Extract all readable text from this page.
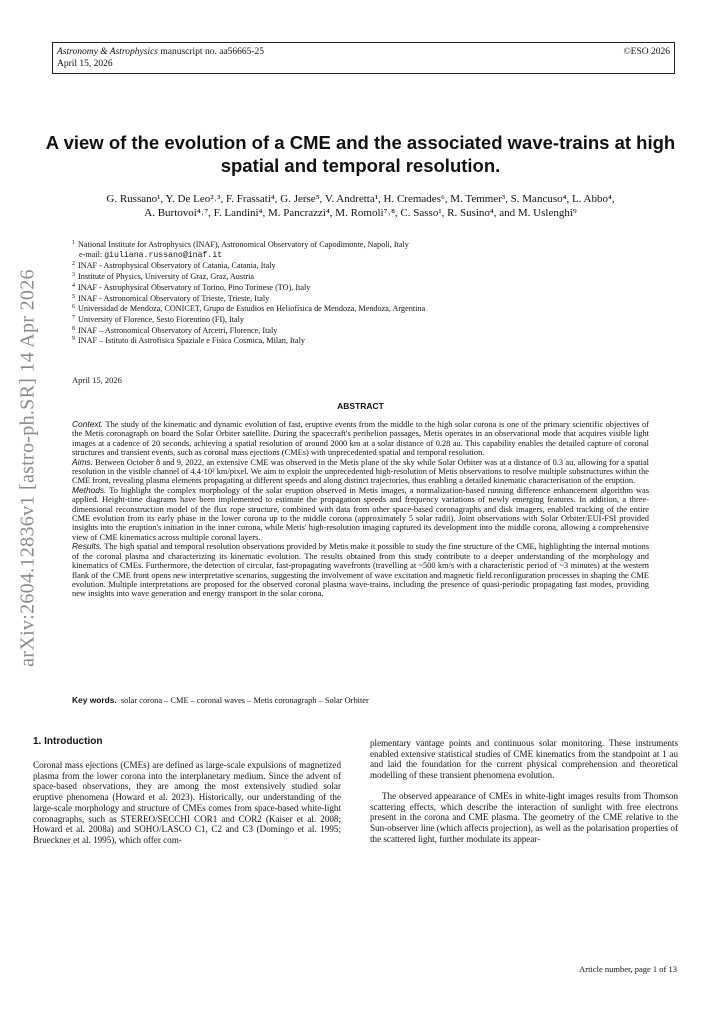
Astronomy & Astrophysics manuscript no. aa56665-25
April 15, 2026
©ESO 2026
arXiv:2604.12836v1 [astro-ph.SR] 14 Apr 2026
A view of the evolution of a CME and the associated wave-trains at high spatial and temporal resolution.
G. Russano¹, Y. De Leo²˒³, F. Frassati⁴, G. Jerse⁵, V. Andretta¹, H. Cremades⁶, M. Temmer³, S. Mancuso⁴, L. Abbo⁴,
A. Burtovoi⁴˒⁷, F. Landini⁴, M. Pancrazzi⁴, M. Romoli⁷˒⁸, C. Sasso¹, R. Susino⁴, and M. Uslenghi⁹
$^1$ National Institute for Astrophysics (INAF), Astronomical Observatory of Capodimonte, Napoli, Italy
e-mail: giuliana.russano@inaf.it
$^2$ INAF - Astrophysical Observatory of Catania, Catania, Italy
$^3$ Institute of Physics, University of Graz, Graz, Austria
$^4$ INAF - Astrophysical Observatory of Torino, Pino Torinese (TO), Italy
$^5$ INAF - Astronomical Observatory of Trieste, Trieste, Italy
$^6$ Universidad de Mendoza, CONICET, Grupo de Estudios en Heliofísica de Mendoza, Mendoza, Argentina
$^7$ University of Florence, Sesto Fiorentino (FI), Italy
$^8$ INAF – Astronomical Observatory of Arcetri, Florence, Italy
$^9$ INAF – Istituto di Astrofisica Spaziale e Fisica Cosmica, Milan, Italy
April 15, 2026
ABSTRACT

Context. The study of the kinematic and dynamic evolution of fast, eruptive events from the middle to the high solar corona is one of the primary scientific objectives of the Metis coronagraph on board the Solar Orbiter satellite. During the spacecraft's perihelion passages, Metis operates in an observational mode that acquires visible light images at a cadence of 20 seconds, achieving a spatial resolution of around 2000 km at a solar distance of 0.28 au. This capability enables the detailed capture of coronal structures and transient events, such as coronal mass ejections (CMEs) with unprecedented spatial and temporal resolution.

Aims. Between October 8 and 9, 2022, an extensive CME was observed in the Metis plane of the sky while Solar Orbiter was at a distance of 0.3 au, allowing for a spatial resolution in the visible channel of 4.4·10³ km/pixel. We aim to exploit the unprecedented high-resolution of Metis observations to resolve multiple substructures within the CME front, revealing plasma elements propagating at different speeds and along distinct trajectories, thus enabling a detailed kinematic characterisation of the eruption.

Methods. To highlight the complex morphology of the solar eruption observed in Metis images, a normalization-based running difference enhancement algorithm was applied. Height-time diagrams have been implemented to estimate the propagation speeds and frequency variations of newly emerging features. In addition, a three-dimensional reconstruction model of the flux rope structure, combined with data from other space-based coronagraphs and disk imagers, enabled tracking of the entire CME evolution from its early phase in the lower corona up to the middle corona (approximately 5 solar radii). Joint observations with Solar Orbiter/EUI-FSI provided insights into the eruption's initiation in the inner corona, while Metis' high-resolution imaging captured its development into the middle corona, allowing a comprehensive view of CME kinematics across multiple coronal layers.

Results. The high spatial and temporal resolution observations provided by Metis make it possible to study the fine structure of the CME, highlighting the internal motions of the coronal plasma and characterizing its kinematic evolution. The results obtained from this study contribute to a deeper understanding of the morphology and kinematics of CMEs. Furthermore, the detection of circular, fast-propagating wavefronts (travelling at ~500 km/s with a characteristic period of ~3 minutes) at the western flank of the CME front opens new interpretative scenarios, suggesting the involvement of wave excitation and magnetic field reconfiguration processes in shaping the CME evolution. Multiple interpretations are proposed for the observed coronal plasma wave-trains, including the presence of quasi-periodic propagating fast modes, providing new insights into wave generation and energy transport in the solar corona.

Key words. solar corona – CME – coronal waves – Metis coronagraph – Solar Orbiter
1. Introduction

Coronal mass ejections (CMEs) are defined as large-scale expulsions of magnetized plasma from the lower corona into the interplanetary medium. Since the advent of space-based observations, they are among the most extensively studied solar eruptive phenomena (Howard et al. 2023). Historically, our understanding of the large-scale morphology and structure of CMEs comes from space-based white-light coronagraphs, such as STEREO/SECCHI COR1 and COR2 (Kaiser et al. 2008; Howard et al. 2008a) and SOHO/LASCO C1, C2 and C3 (Domingo et al. 1995; Brueckner et al. 1995), which offer com-

plementary vantage points and continuous solar monitoring. These instruments enabled extensive statistical studies of CME kinematics from the standpoint at 1 au and laid the foundation for the current physical comprehension and theoretical modelling of these transient phenomena evolution.

The observed appearance of CMEs in white-light images results from Thomson scattering effects, which describe the interaction of sunlight with free electrons present in the corona and CME plasma. The geometry of the CME relative to the Sun-observer line (which affects projection), as well as the polarisation properties of the scattered light, further modulate its appear-

Article number, page 1 of 13
